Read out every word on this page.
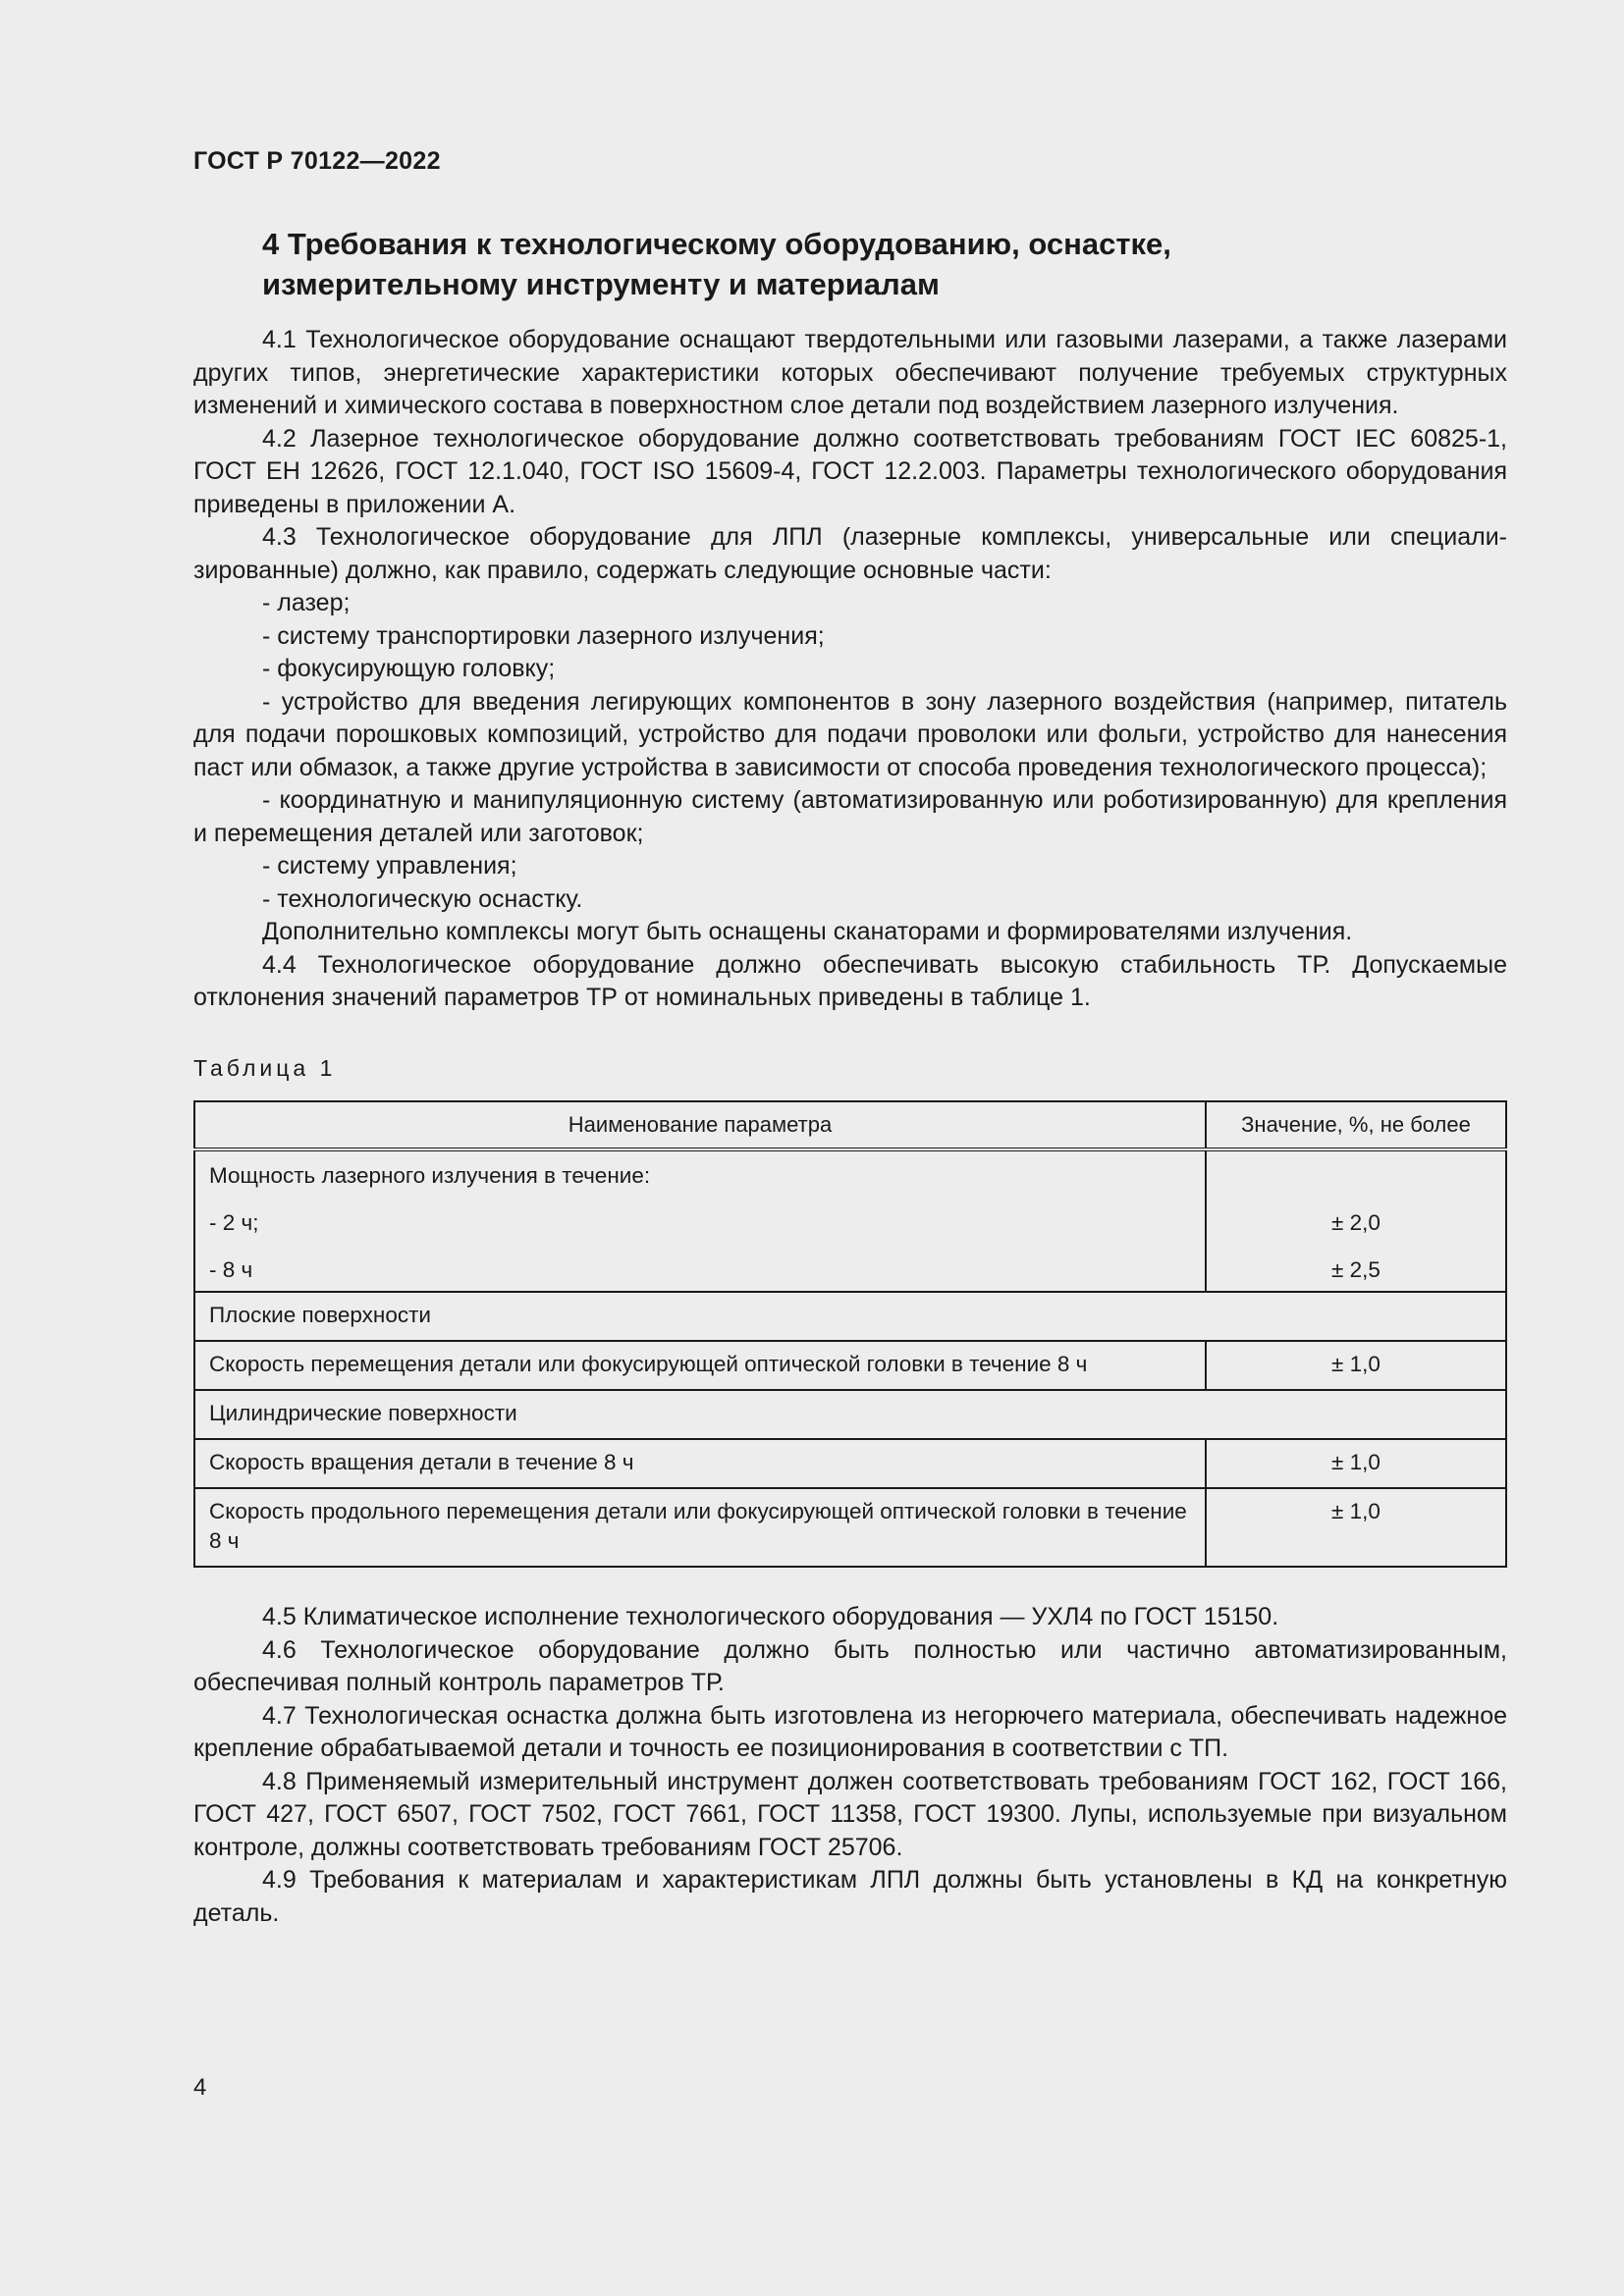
ГОСТ Р 70122—2022
4 Требования к технологическому оборудованию, оснастке,
измерительному инструменту и материалам

4.1 Технологическое оборудование оснащают твердотельными или газовыми лазерами, а также лазерами других типов, энергетические характеристики которых обеспечивают получение требуемых структурных изменений и химического состава в поверхностном слое детали под воздействием лазерного излучения.

4.2 Лазерное технологическое оборудование должно соответствовать требованиям ГОСТ IEC 60825-1, ГОСТ ЕН 12626, ГОСТ 12.1.040, ГОСТ ISO 15609-4, ГОСТ 12.2.003. Параметры технологического оборудования приведены в приложении А.

4.3 Технологическое оборудование для ЛПЛ (лазерные комплексы, универсальные или специализированные) должно, как правило, содержать следующие основные части:

- лазер;

- систему транспортировки лазерного излучения;

- фокусирующую головку;

- устройство для введения легирующих компонентов в зону лазерного воздействия (например, питатель для подачи порошковых композиций, устройство для подачи проволоки или фольги, устройство для нанесения паст или обмазок, а также другие устройства в зависимости от способа проведения технологического процесса);

- координатную и манипуляционную систему (автоматизированную или роботизированную) для крепления и перемещения деталей или заготовок;

- систему управления;

- технологическую оснастку.

Дополнительно комплексы могут быть оснащены сканаторами и формирователями излучения.

4.4 Технологическое оборудование должно обеспечивать высокую стабильность ТР. Допускаемые отклонения значений параметров ТР от номинальных приведены в таблице 1.

Таблица 1
Наименование параметра	Значение, %, не более
Мощность лазерного излучения в течение:	
- 2 ч;	± 2,0
- 8 ч	± 2,5
Плоские поверхности	
Скорость перемещения детали или фокусирующей оптической головки в течение 8 ч	± 1,0
Цилиндрические поверхности	
Скорость вращения детали в течение 8 ч	± 1,0
Скорость продольного перемещения детали или фокусирующей оптической головки в течение 8 ч	± 1,0

4.5 Климатическое исполнение технологического оборудования — УХЛ4 по ГОСТ 15150.

4.6 Технологическое оборудование должно быть полностью или частично автоматизированным, обеспечивая полный контроль параметров ТР.

4.7 Технологическая оснастка должна быть изготовлена из негорючего материала, обеспечивать надежное крепление обрабатываемой детали и точность ее позиционирования в соответствии с ТП.

4.8 Применяемый измерительный инструмент должен соответствовать требованиям ГОСТ 162, ГОСТ 166, ГОСТ 427, ГОСТ 6507, ГОСТ 7502, ГОСТ 7661, ГОСТ 11358, ГОСТ 19300. Лупы, используемые при визуальном контроле, должны соответствовать требованиям ГОСТ 25706.

4.9 Требования к материалам и характеристикам ЛПЛ должны быть установлены в КД на конкретную деталь.

4
